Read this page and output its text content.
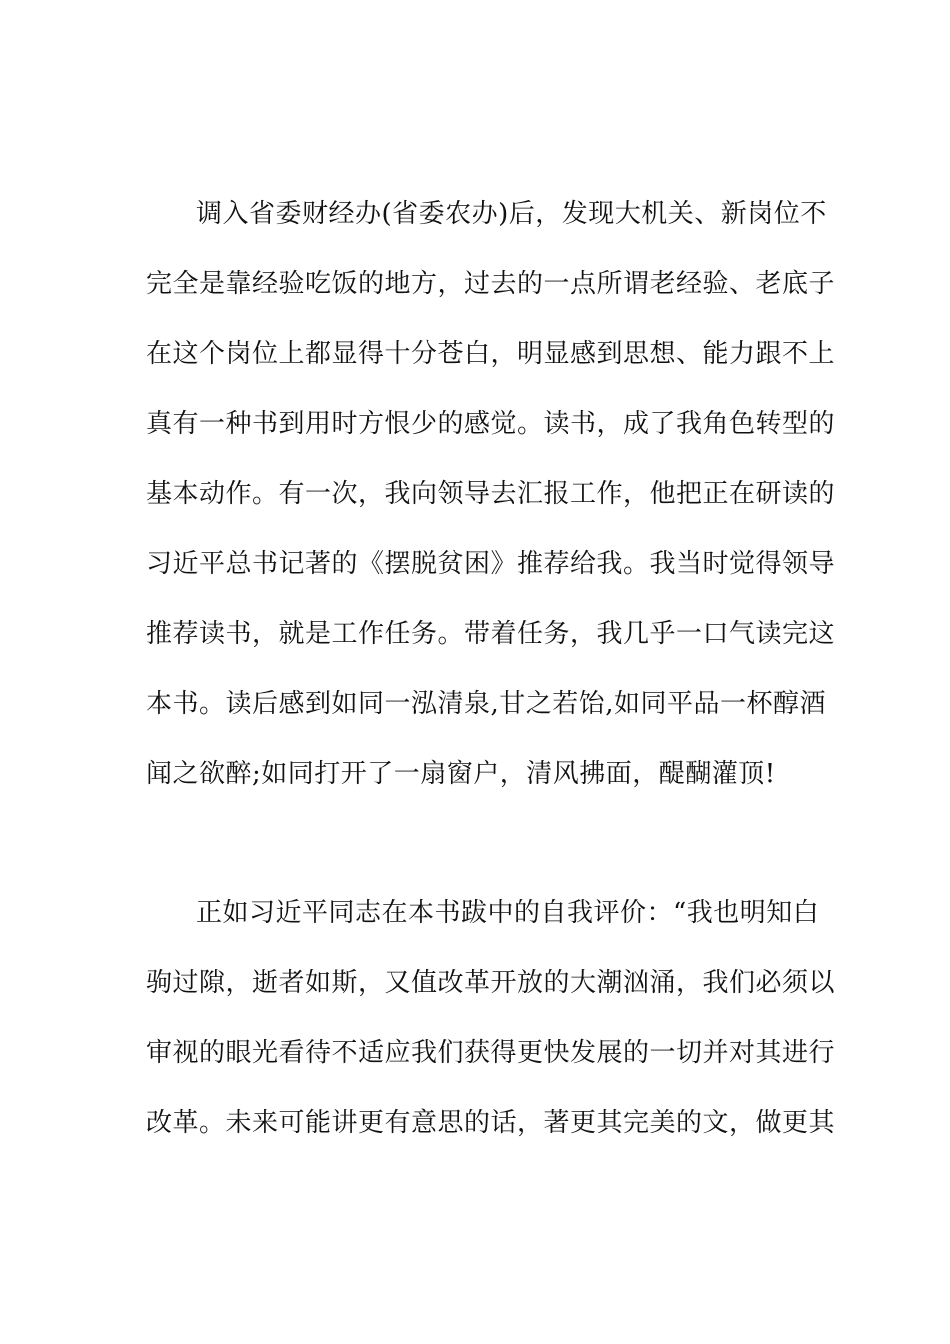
调入省委财经办(省委农办)后，发现大机关、新岗位不
完全是靠经验吃饭的地方，过去的一点所谓老经验、老底子
在这个岗位上都显得十分苍白，明显感到思想、能力跟不上
真有一种书到用时方恨少的感觉。读书，成了我角色转型的
基本动作。有一次，我向领导去汇报工作，他把正在研读的
习近平总书记著的《摆脱贫困》推荐给我。我当时觉得领导
推荐读书，就是工作任务。带着任务，我几乎一口气读完这
本书。读后感到如同一泓清泉,甘之若饴,如同平品一杯醇酒
闻之欲醉;如同打开了一扇窗户，清风拂面，醍醐灌顶!
正如习近平同志在本书跋中的自我评价：“我也明知白
驹过隙，逝者如斯，又值改革开放的大潮汹涌，我们必须以
审视的眼光看待不适应我们获得更快发展的一切并对其进行
改革。未来可能讲更有意思的话，著更其完美的文，做更其
